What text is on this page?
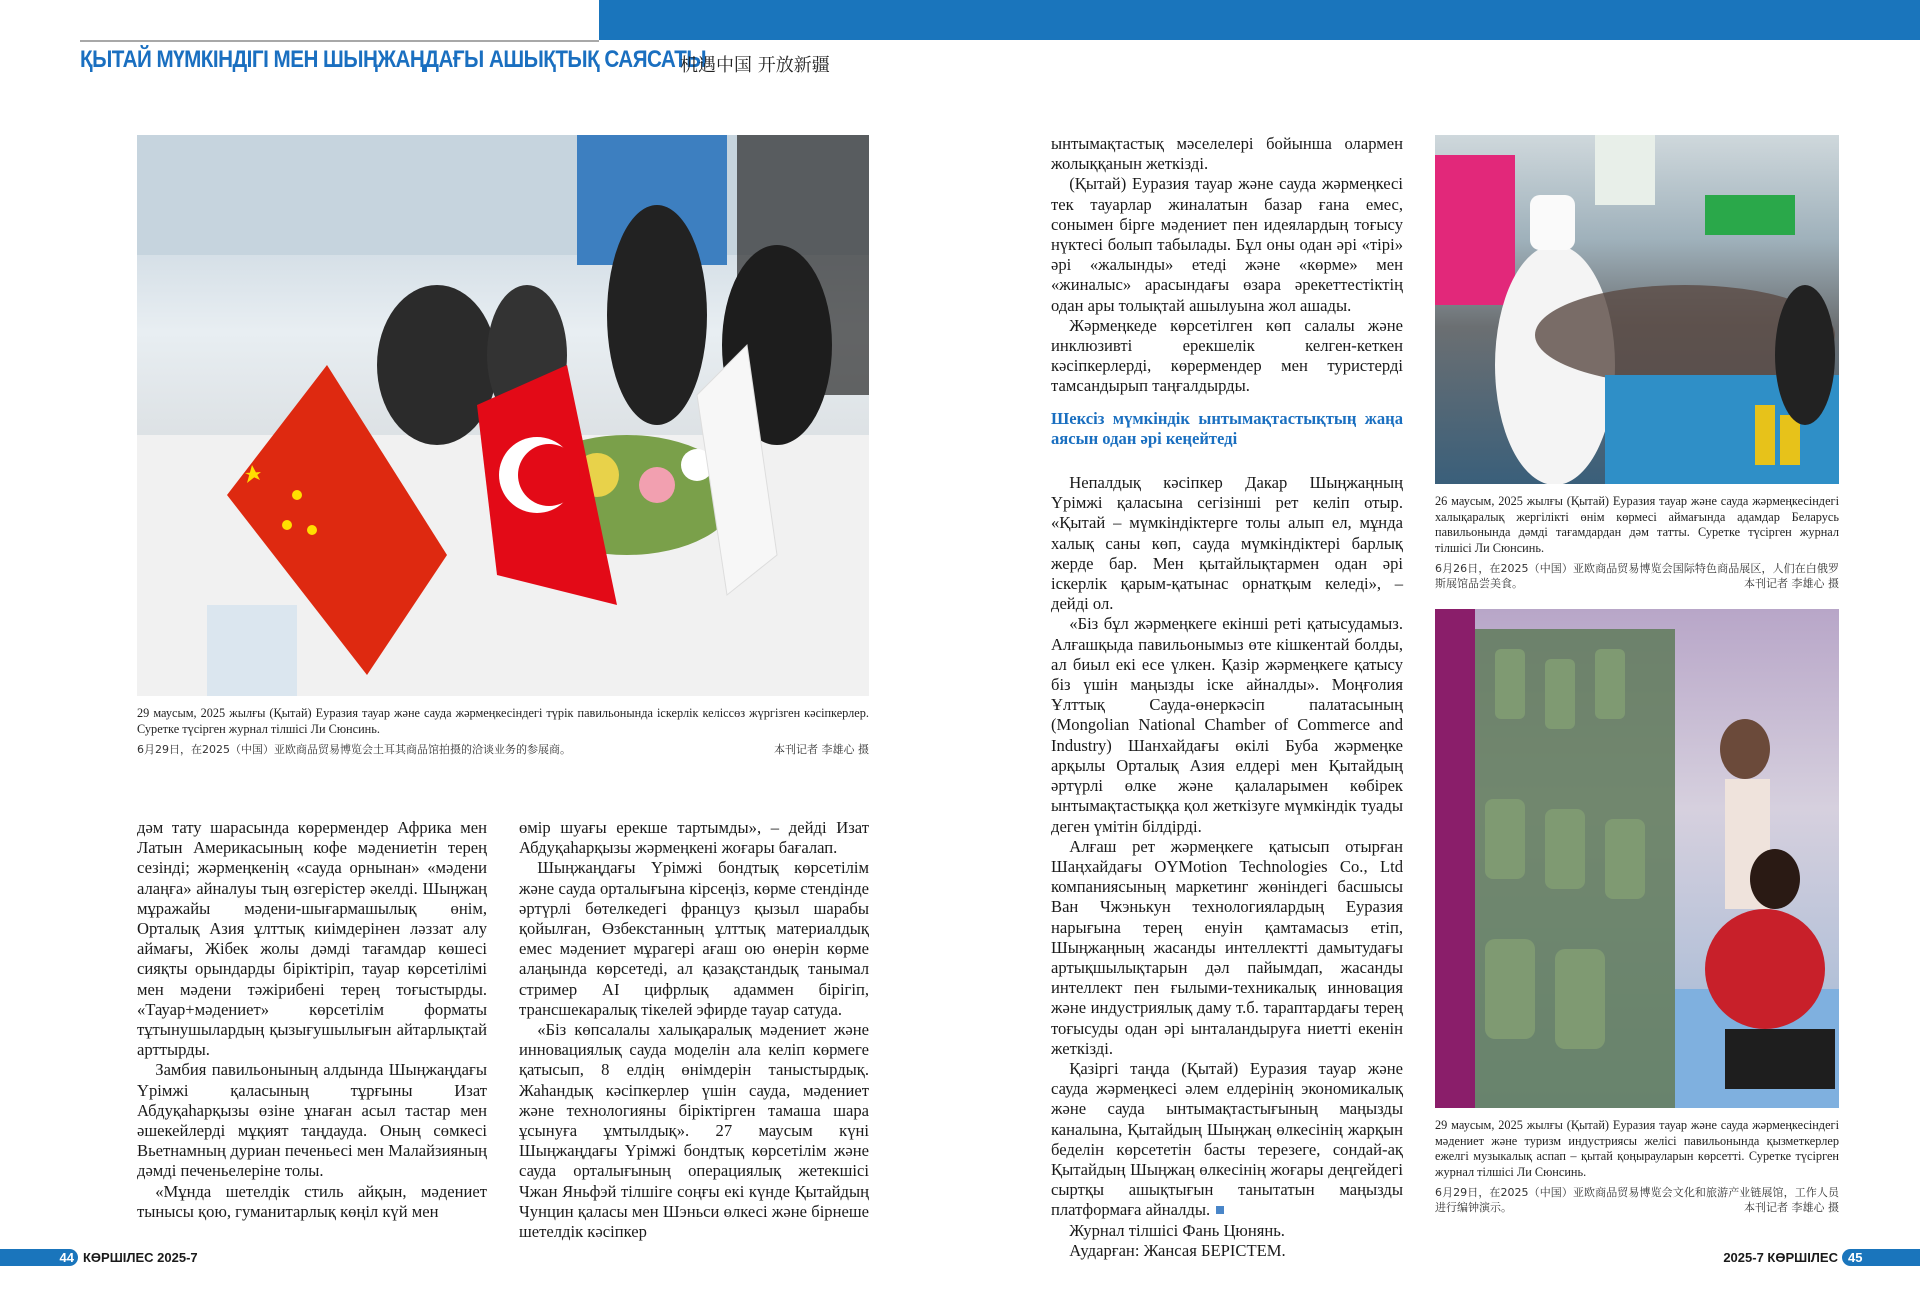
ҚЫТАЙ МҮМКІНДІГІ МЕН ШЫҢЖАҢДАҒЫ АШЫҚТЫҚ САЯСАТЫ
机遇中国 开放新疆
29 маусым, 2025 жылғы (Қытай) Еуразия тауар және сауда жәрмеңкесіндегі түрік павильонында іскерлік келіссөз жүргізген кәсіпкерлер. Суретке түсірген журнал тілшісі Ли Сюнсинь.
本刊记者 李雄心 摄
6月29日，在2025（中国）亚欧商品贸易博览会土耳其商品馆拍摄的洽谈业务的参展商。

дәм тату шарасында көрермендер Африка мен Латын Америкасының кофе мәдениетін терең сезінді; жәрмеңкенің «сауда орнынан» «мәдени алаңға» айналуы тың өзгерістер әкелді. Шыңжаң мұражайы мәдени-шығармашылық өнім, Орталық Азия ұлттық киімдерінен ләззат алу аймағы, Жібек жолы дәмді тағамдар көшесі сияқты орындарды біріктіріп, тауар көрсетілімі мен мәдени тәжірибені терең тоғыстырды. «Тауар+мәдениет» көрсетілім форматы тұтынушылардың қызығушылығын айтарлықтай арттырды.

Замбия павильонының алдында Шыңжаңдағы Үрімжі қаласының тұрғыны Изат Абдуқаһарқызы өзіне ұнаған асыл тастар мен әшекейлерді мұқият таңдауда. Оның сөмкесі Вьетнамның дуриан печеньесі мен Малайзияның дәмді печеньелеріне толы.

«Мұнда шетелдік стиль айқын, мәдениет тынысы қою, гуманитарлық көңіл күй мен

өмір шуағы ерекше тартымды», – дейді Изат Абдуқаһарқызы жәрмеңкені жоғары бағалап.

Шыңжаңдағы Үрімжі бондтық көрсетілім және сауда орталығына кірсеңіз, көрме стендінде әртүрлі бөтелкедегі француз қызыл шарабы қойылған, Өзбекстанның ұлттық материалдық емес мәдениет мұрагері ағаш ою өнерін көрме алаңында көрсетеді, ал қазақстандық танымал стример AI цифрлық адаммен бірігіп, трансшекаралық тікелей эфирде тауар сатуда.

«Біз көпсалалы халықаралық мәдениет және инновациялық сауда моделін ала келіп көрмеге қатысып, 8 елдің өнімдерін таныстырдық. Жаһандық кәсіпкерлер үшін сауда, мәдениет және технологияны біріктірген тамаша шара ұсынуға ұмтылдық». 27 маусым күні Шыңжаңдағы Үрімжі бондтық көрсетілім және сауда орталығының операциялық жетекшісі Чжан Яньфэй тілшіге соңғы екі күнде Қытайдың Чунцин қаласы мен Шэньси өлкесі және бірнеше шетелдік кәсіпкер

ынтымақтастық мәселелері бойынша олармен жолыққанын жеткізді.

(Қытай) Еуразия тауар және сауда жәрмеңкесі тек тауарлар жиналатын базар ғана емес, сонымен бірге мәдениет пен идеялардың тоғысу нүктесі болып табылады. Бұл оны одан әрі «тірі» әрі «жалынды» етеді және «көрме» мен «жиналыс» арасындағы өзара әрекеттестіктің одан ары толықтай ашылуына жол ашады.

Жәрмеңкеде көрсетілген көп салалы және инклюзивті ерекшелік келген-кеткен кәсіпкерлерді, көрермендер мен туристерді тамсандырып таңғалдырды.

Шексіз мүмкіндік ынтымақтастықтың жаңа аясын одан әрі кеңейтеді

Непалдық кәсіпкер Дакар Шыңжаңның Үрімжі қаласына сегізінші рет келіп отыр. «Қытай – мүмкіндіктерге толы алып ел, мұнда халық саны көп, сауда мүмкіндіктері барлық жерде бар. Мен қытайлықтармен одан әрі іскерлік қарым-қатынас орнатқым келеді», – дейді ол.

«Біз бұл жәрмеңкеге екінші реті қатысудамыз. Алғашқыда павильонымыз өте кішкентай болды, ал биыл екі есе үлкен. Қазір жәрмеңкеге қатысу біз үшін маңызды іске айналды». Моңғолия Ұлттық Сауда-өнеркәсіп палатасының (Mongolian National Chamber of Commerce and Industry) Шанхайдағы өкілі Буба жәрмеңке арқылы Орталық Азия елдері мен Қытайдың әртүрлі өлке және қалаларымен көбірек ынтымақтастыққа қол жеткізуге мүмкіндік туады деген үмітін білдірді.

Алғаш рет жәрмеңкеге қатысып отырған Шаңхайдағы OYMotion Technologies Co., Ltd компаниясының маркетинг жөніндегі басшысы Ван Чжэнькун технологиялардың Еуразия нарығына терең енуін қамтамасыз етіп, Шыңжаңның жасанды интеллектті дамытудағы артықшылықтарын дәл пайымдап, жасанды интеллект пен ғылыми-техникалық инновация және индустриялық даму т.б. тараптардағы терең тоғысуды одан әрі ынталандыруға ниетті екенін жеткізді.

Қазіргі таңда (Қытай) Еуразия тауар және сауда жәрмеңкесі әлем елдерінің экономикалық және сауда ынтымақтастығының маңызды каналына, Қытайдың Шыңжаң өлкесінің жарқын беделін көрсететін басты терезеге, сондай-ақ Қытайдың Шыңжаң өлкесінің жоғары деңгейдегі сыртқы ашықтығын танытатын маңызды платформаға айналды.

Журнал тілшісі Фань Цюнянь.

Аударған: Жансая БЕРІСТЕМ.

26 маусым, 2025 жылғы (Қытай) Еуразия тауар және сауда жәрмеңкесіндегі халықаралық жергілікті өнім көрмесі аймағында адамдар Беларусь павильонында дәмді тағамдардан дәм татты. Суретке түсірген журнал тілшісі Ли Сюнсинь.
6月26日，在2025（中国）亚欧商品贸易博览会国际特色商品展区，人们在白俄罗斯展馆品尝美食。	本刊记者 李雄心 摄
29 маусым, 2025 жылғы (Қытай) Еуразия тауар және сауда жәрмеңкесіндегі мәдениет және туризм индустриясы желісі павильонында қызметкерлер ежелгі музыкалық аспап – қытай қоңырауларын көрсетті. Суретке түсірген журнал тілшісі Ли Сюнсинь.
6月29日，在2025（中国）亚欧商品贸易博览会文化和旅游产业链展馆，工作人员进行编钟演示。	本刊记者 李雄心 摄
44 КӨРШІЛЕС 2025-7	2025-7 КӨРШІЛЕС 45
